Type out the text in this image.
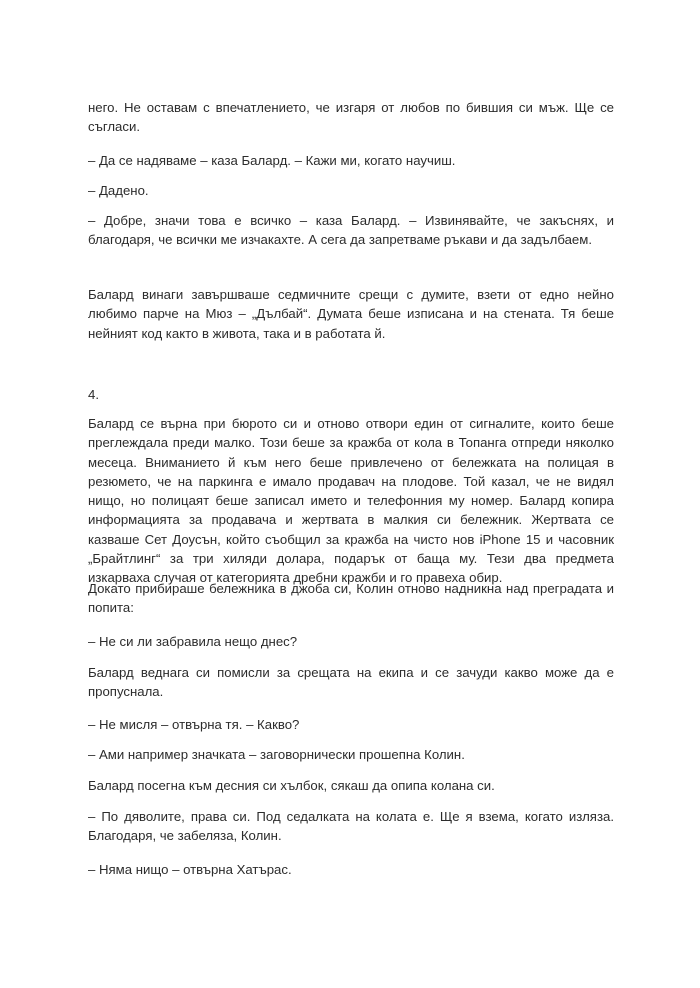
него. Не оставам с впечатлението, че изгаря от любов по бившия си мъж. Ще се съгласи.

– Да се надяваме – каза Балард. – Кажи ми, когато научиш.

– Дадено.

– Добре, значи това е всичко – каза Балард. – Извинявайте, че закъснях, и благодаря, че всички ме изчакахте. А сега да запретваме ръкави и да задълбаем.

Балард винаги завършваше седмичните срещи с думите, взети от едно нейно любимо парче на Мюз – „Дълбай“. Думата беше изписана и на стената. Тя беше нейният код както в живота, така и в работата й.

4.

Балард се върна при бюрото си и отново отвори един от сигналите, които беше преглеждала преди малко. Този беше за кражба от кола в Топанга отпреди няколко месеца. Вниманието й към него беше привлечено от бележката на полицая в резюмето, че на паркинга е имало продавач на плодове. Той казал, че не видял нищо, но полицаят беше записал името и телефонния му номер. Балард копира информацията за продавача и жертвата в малкия си бележник. Жертвата се казваше Сет Доусън, който съобщил за кражба на чисто нов iPhone 15 и часовник „Брайтлинг“ за три хиляди долара, подарък от баща му. Тези два предмета изкарваха случая от категорията дребни кражби и го правеха обир.

Докато прибираше бележника в джоба си, Колин отново надникна над преградата и попита:

– Не си ли забравила нещо днес?

Балард веднага си помисли за срещата на екипа и се зачуди какво може да е пропуснала.

– Не мисля – отвърна тя. – Какво?

– Ами например значката – заговорнически прошепна Колин.

Балард посегна към десния си хълбок, сякаш да опипа колана си.

– По дяволите, права си. Под седалката на колата е. Ще я взема, когато изляза. Благодаря, че забеляза, Колин.

– Няма нищо – отвърна Хатърас.
